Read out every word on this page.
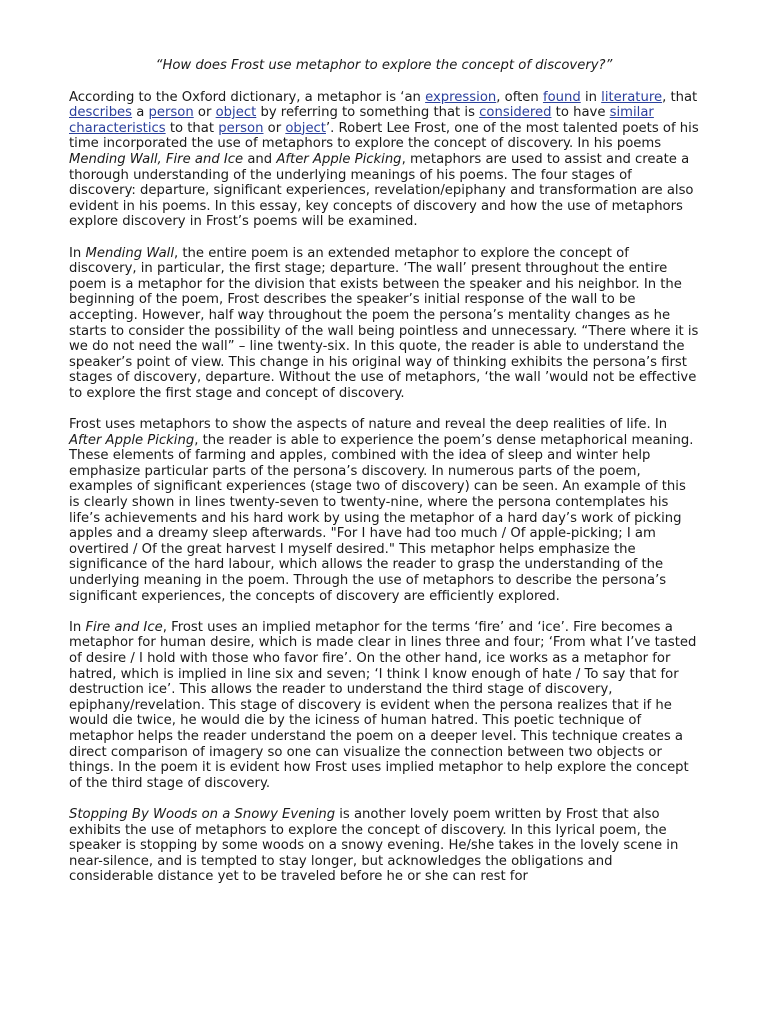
“How does Frost use metaphor to explore the concept of discovery?”

According to the Oxford dictionary, a metaphor is ‘an expression, often found in literature, that describes a person or object by referring to something that is considered to have similar characteristics to that person or object’. Robert Lee Frost, one of the most talented poets of his time incorporated the use of metaphors to explore the concept of discovery. In his poems Mending Wall, Fire and Ice and After Apple Picking, metaphors are used to assist and create a thorough understanding of the underlying meanings of his poems. The four stages of discovery: departure, significant experiences, revelation/epiphany and transformation are also evident in his poems. In this essay, key concepts of discovery and how the use of metaphors explore discovery in Frost’s poems will be examined.

In Mending Wall, the entire poem is an extended metaphor to explore the concept of discovery, in particular, the first stage; departure. ‘The wall’ present throughout the entire poem is a metaphor for the division that exists between the speaker and his neighbor. In the beginning of the poem, Frost describes the speaker’s initial response of the wall to be accepting. However, half way throughout the poem the persona’s mentality changes as he starts to consider the possibility of the wall being pointless and unnecessary. “There where it is we do not need the wall” – line twenty-six. In this quote, the reader is able to understand the speaker’s point of view. This change in his original way of thinking exhibits the persona’s first stages of discovery, departure. Without the use of metaphors, ‘the wall ’would not be effective to explore the first stage and concept of discovery.

Frost uses metaphors to show the aspects of nature and reveal the deep realities of life. In After Apple Picking, the reader is able to experience the poem’s dense metaphorical meaning. These elements of farming and apples, combined with the idea of sleep and winter help emphasize particular parts of the persona’s discovery. In numerous parts of the poem, examples of significant experiences (stage two of discovery) can be seen. An example of this is clearly shown in lines twenty-seven to twenty-nine, where the persona contemplates his life’s achievements and his hard work by using the metaphor of a hard day’s work of picking apples and a dreamy sleep afterwards. "For I have had too much / Of apple-picking; I am overtired / Of the great harvest I myself desired." This metaphor helps emphasize the significance of the hard labour, which allows the reader to grasp the understanding of the underlying meaning in the poem. Through the use of metaphors to describe the persona’s significant experiences, the concepts of discovery are efficiently explored.

In Fire and Ice, Frost uses an implied metaphor for the terms ‘fire’ and ‘ice’. Fire becomes a metaphor for human desire, which is made clear in lines three and four; ‘From what I’ve tasted of desire / I hold with those who favor fire’. On the other hand, ice works as a metaphor for hatred, which is implied in line six and seven; ‘I think I know enough of hate / To say that for destruction ice’. This allows the reader to understand the third stage of discovery, epiphany/revelation. This stage of discovery is evident when the persona realizes that if he would die twice, he would die by the iciness of human hatred. This poetic technique of metaphor helps the reader understand the poem on a deeper level. This technique creates a direct comparison of imagery so one can visualize the connection between two objects or things. In the poem it is evident how Frost uses implied metaphor to help explore the concept of the third stage of discovery.

Stopping By Woods on a Snowy Evening is another lovely poem written by Frost that also exhibits the use of metaphors to explore the concept of discovery. In this lyrical poem, the speaker is stopping by some woods on a snowy evening. He/she takes in the lovely scene in near-silence, and is tempted to stay longer, but acknowledges the obligations and considerable distance yet to be traveled before he or she can rest for
